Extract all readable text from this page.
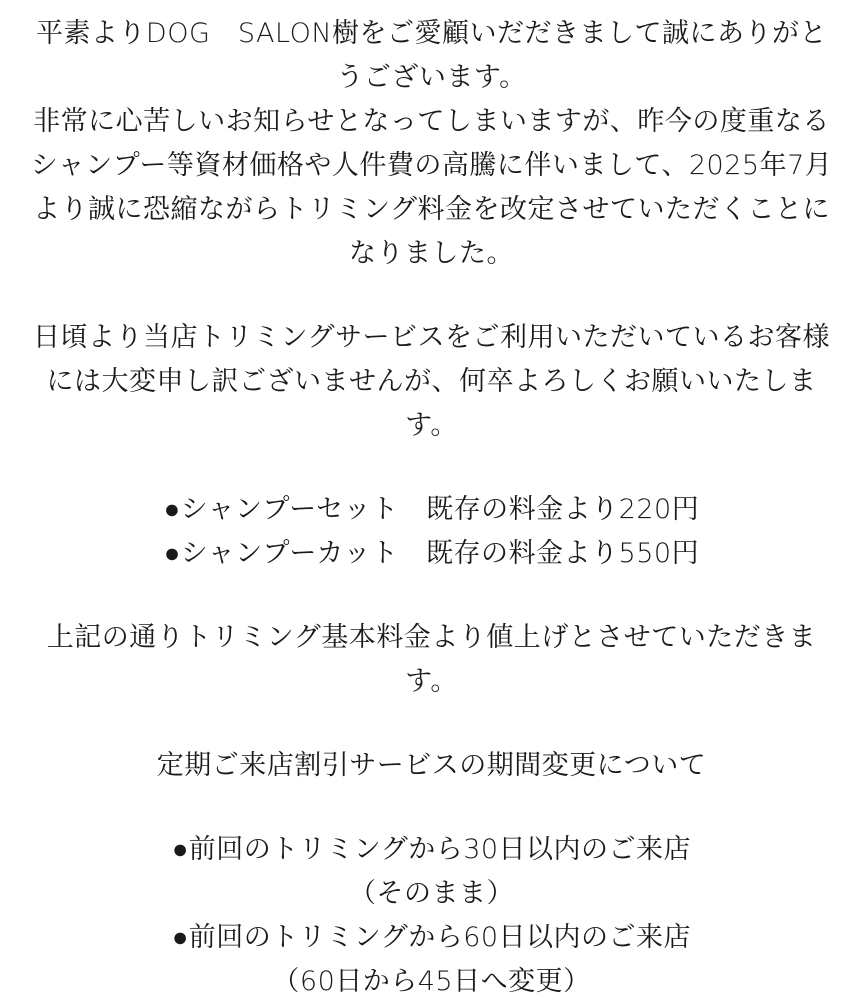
平素よりDOG　SALON樹をご愛顧いだだきまして誠にありがとうございます。

非常に心苦しいお知らせとなってしまいますが、昨今の度重なるシャンプー等資材価格や人件費の高騰に伴いまして、2025年7月より誠に恐縮ながらトリミング料金を改定させていただくことになりました。

日頃より当店トリミングサービスをご利用いただいているお客様には大変申し訳ございませんが、何卒よろしくお願いいたします。

●シャンプーセット　既存の料金より220円
●シャンプーカット　既存の料金より550円

上記の通りトリミング基本料金より値上げとさせていただきます。

定期ご来店割引サービスの期間変更について
●前回のトリミングから30日以内のご来店
（そのまま）
●前回のトリミングから60日以内のご来店
（60日から45日へ変更）
